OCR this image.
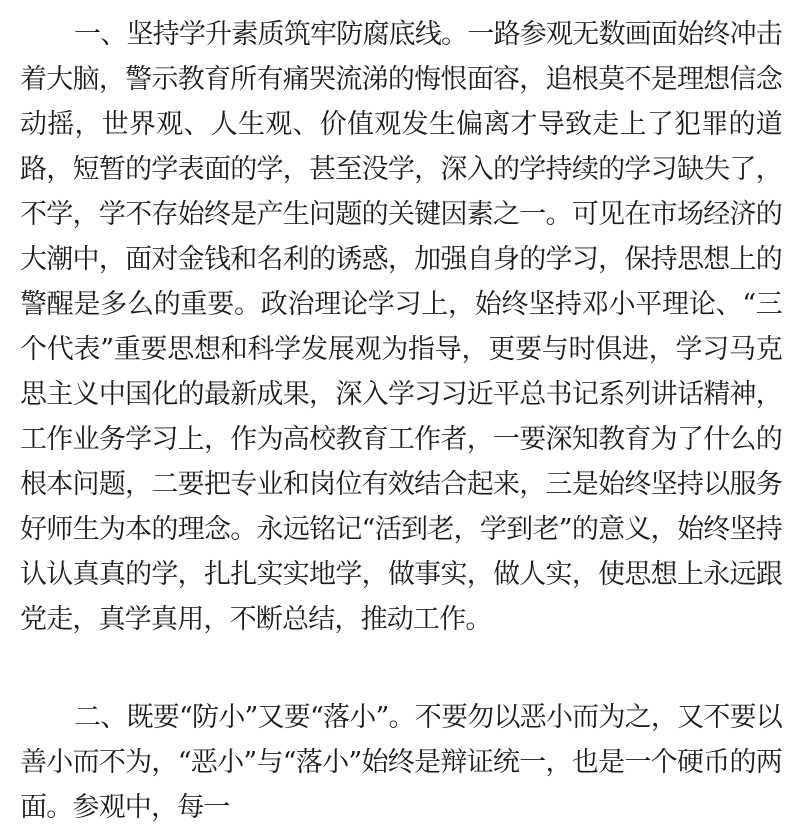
一、坚持学升素质筑牢防腐底线。一路参观无数画面始终冲击着大脑，警示教育所有痛哭流涕的悔恨面容，追根莫不是理想信念动摇，世界观、人生观、价值观发生偏离才导致走上了犯罪的道路，短暂的学表面的学，甚至没学，深入的学持续的学习缺失了，不学，学不存始终是产生问题的关键因素之一。可见在市场经济的大潮中，面对金钱和名利的诱惑，加强自身的学习，保持思想上的警醒是多么的重要。政治理论学习上，始终坚持邓小平理论、“三个代表”重要思想和科学发展观为指导，更要与时俱进，学习马克思主义中国化的最新成果，深入学习习近平总书记系列讲话精神，工作业务学习上，作为高校教育工作者，一要深知教育为了什么的根本问题，二要把专业和岗位有效结合起来，三是始终坚持以服务好师生为本的理念。永远铭记“活到老，学到老”的意义，始终坚持认认真真的学，扎扎实实地学，做事实，做人实，使思想上永远跟党走，真学真用，不断总结，推动工作。

二、既要“防小”又要“落小”。不要勿以恶小而为之，又不要以善小而不为，“恶小”与“落小”始终是辩证统一，也是一个硬币的两面。参观中，每一
